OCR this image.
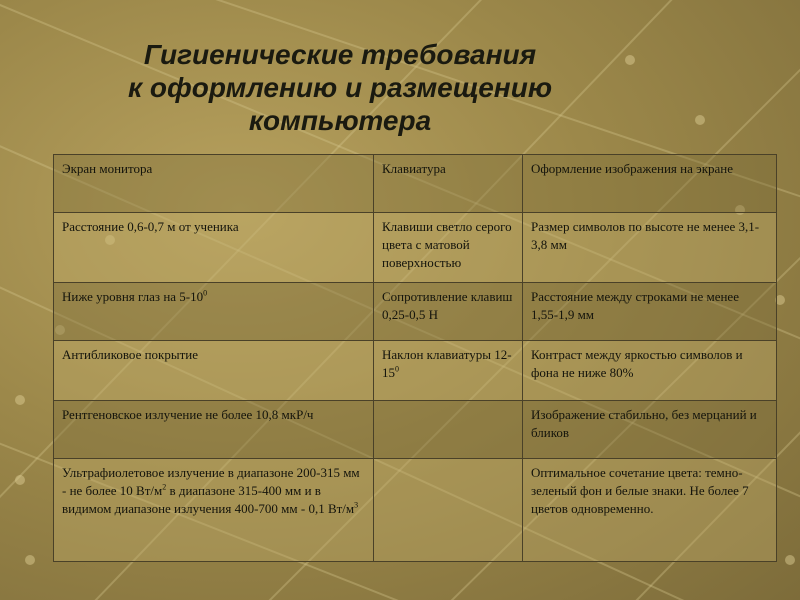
Гигиенические требования
к оформлению и размещению
компьютера
Экран монитора	Клавиатура	Оформление изображения на экране
Расстояние 0,6-0,7 м от ученика	Клавиши светло серого цвета с матовой поверхностью	Размер символов по высоте не менее 3,1-3,8 мм
Ниже уровня глаз на $5-10^0$	Сопротивление клавиш 0,25-0,5 Н	Расстояние между строками не менее 1,55-1,9 мм
Антибликовое покрытие	Наклон клавиатуры $12-15^0$	Контраст между яркостью символов и фона не ниже 80%
Рентгеновское излучение не более 10,8 мкР/ч		Изображение стабильно, без мерцаний и бликов
Ультрафиолетовое излучение в диапазоне 200-315 мм - не более 10 $Вт/м^2$ в диапазоне 315-400 мм и в видимом диапазоне излучения 400-700 мм - 0,1 $Вт/м^3$		Оптимальное сочетание цвета: темно-зеленый фон и белые знаки. Не более 7 цветов одновременно.
